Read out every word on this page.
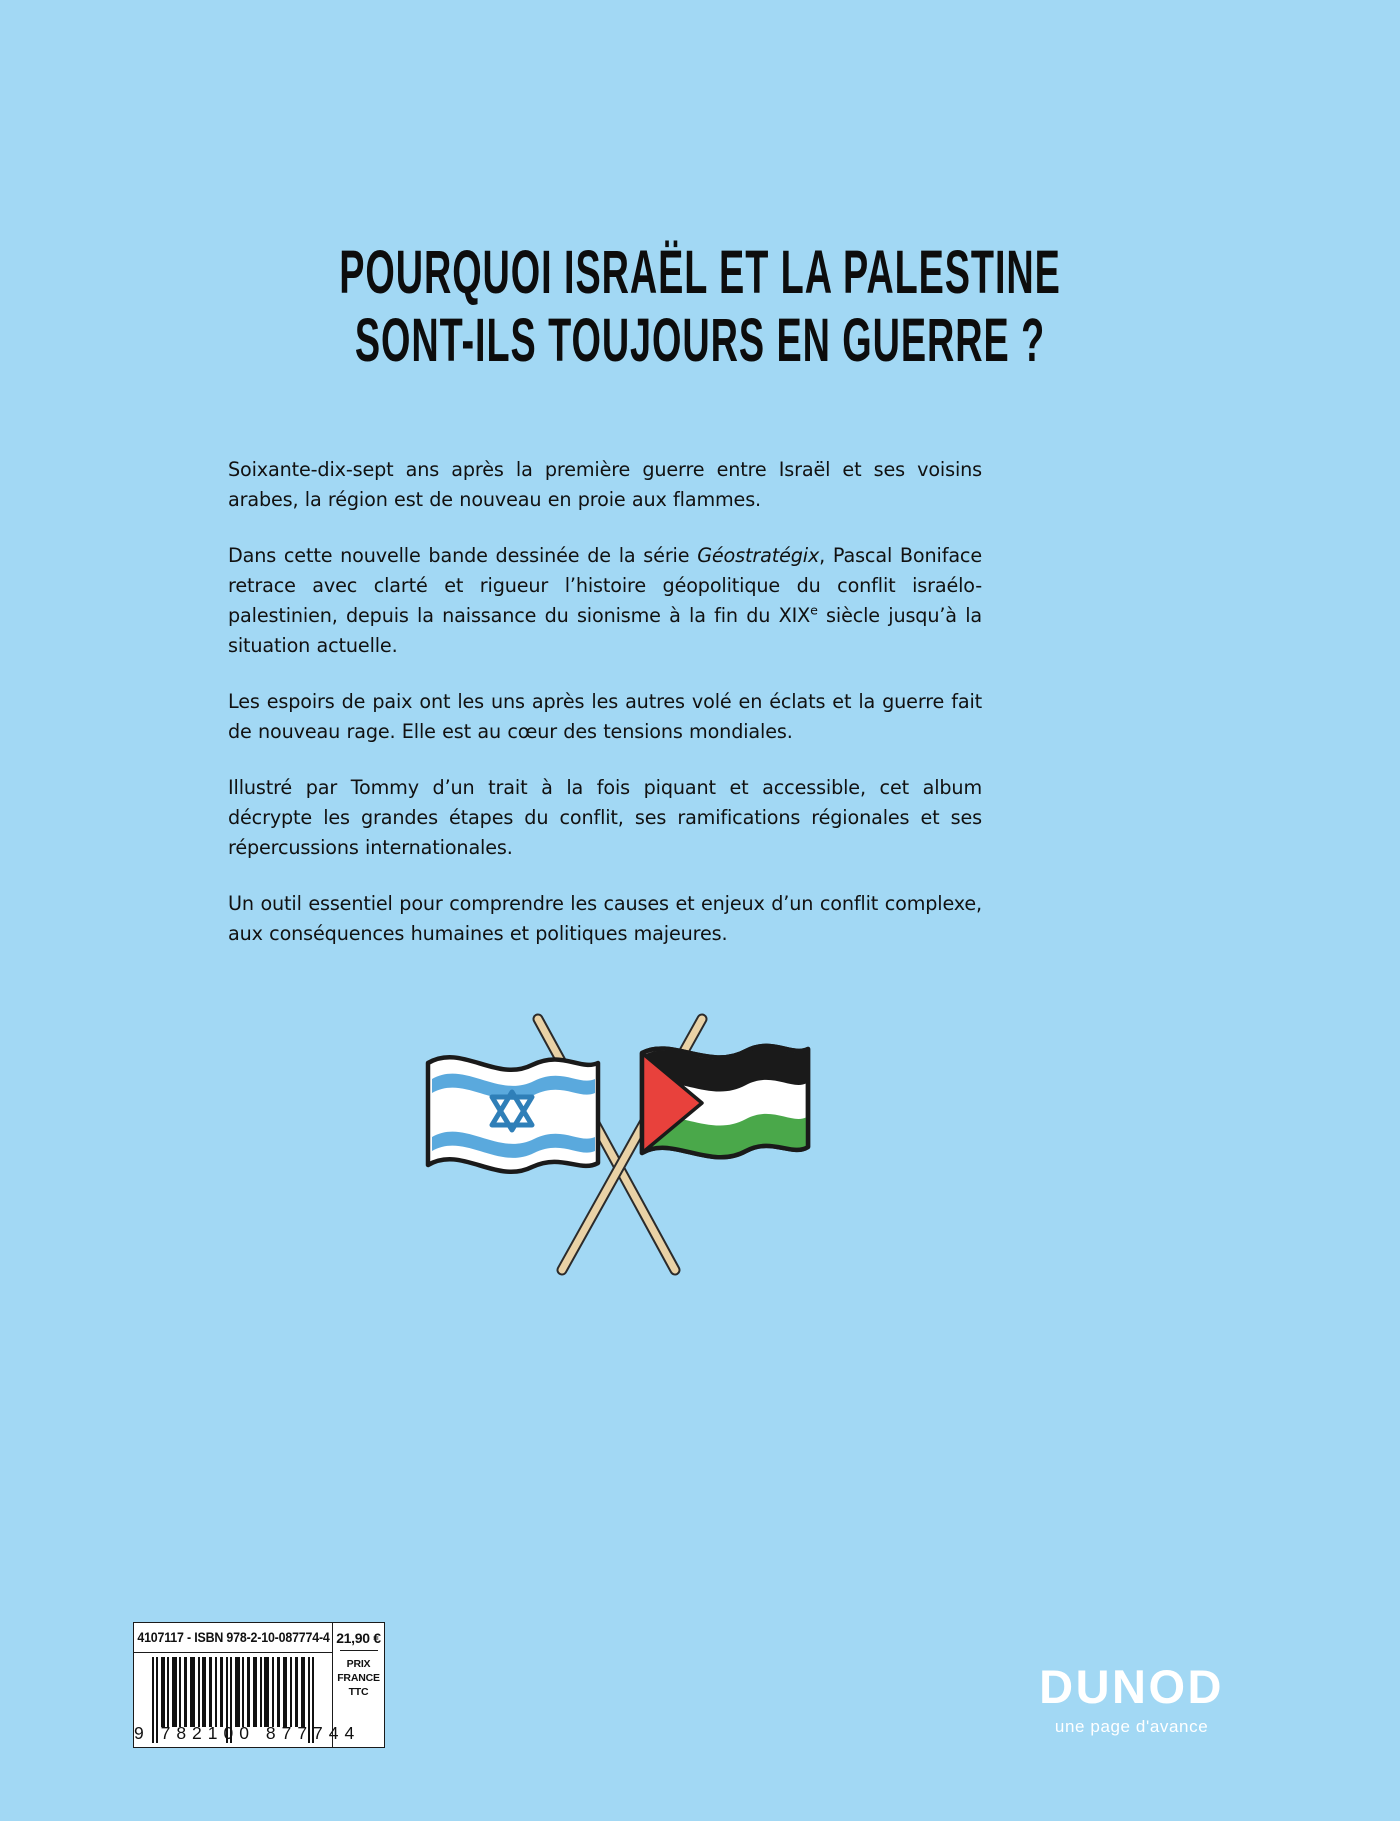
POURQUOI ISRAËL ET LA PALESTINE
SONT-ILS TOUJOURS EN GUERRE ?

Soixante-dix-sept ans après la première guerre entre Israël et ses voisins arabes, la région est de nouveau en proie aux flammes.

Dans cette nouvelle bande dessinée de la série Géostratégix, Pascal Boniface retrace avec clarté et rigueur l’histoire géopolitique du conflit israélo-palestinien, depuis la naissance du sionisme à la fin du XIXe siècle jusqu’à la situation actuelle.

Les espoirs de paix ont les uns après les autres volé en éclats et la guerre fait de nouveau rage. Elle est au cœur des tensions mondiales.

Illustré par Tommy d’un trait à la fois piquant et accessible, cet album décrypte les grandes étapes du conflit, ses ramifications régionales et ses répercussions internationales.

Un outil essentiel pour comprendre les causes et enjeux d’un conflit complexe, aux conséquences humaines et politiques majeures.

4107117 - ISBN 978-2-10-087774-4
9 782100 877744
21,90 €
PRIX
FRANCE
TTC	DUNOD
une page d'avance
